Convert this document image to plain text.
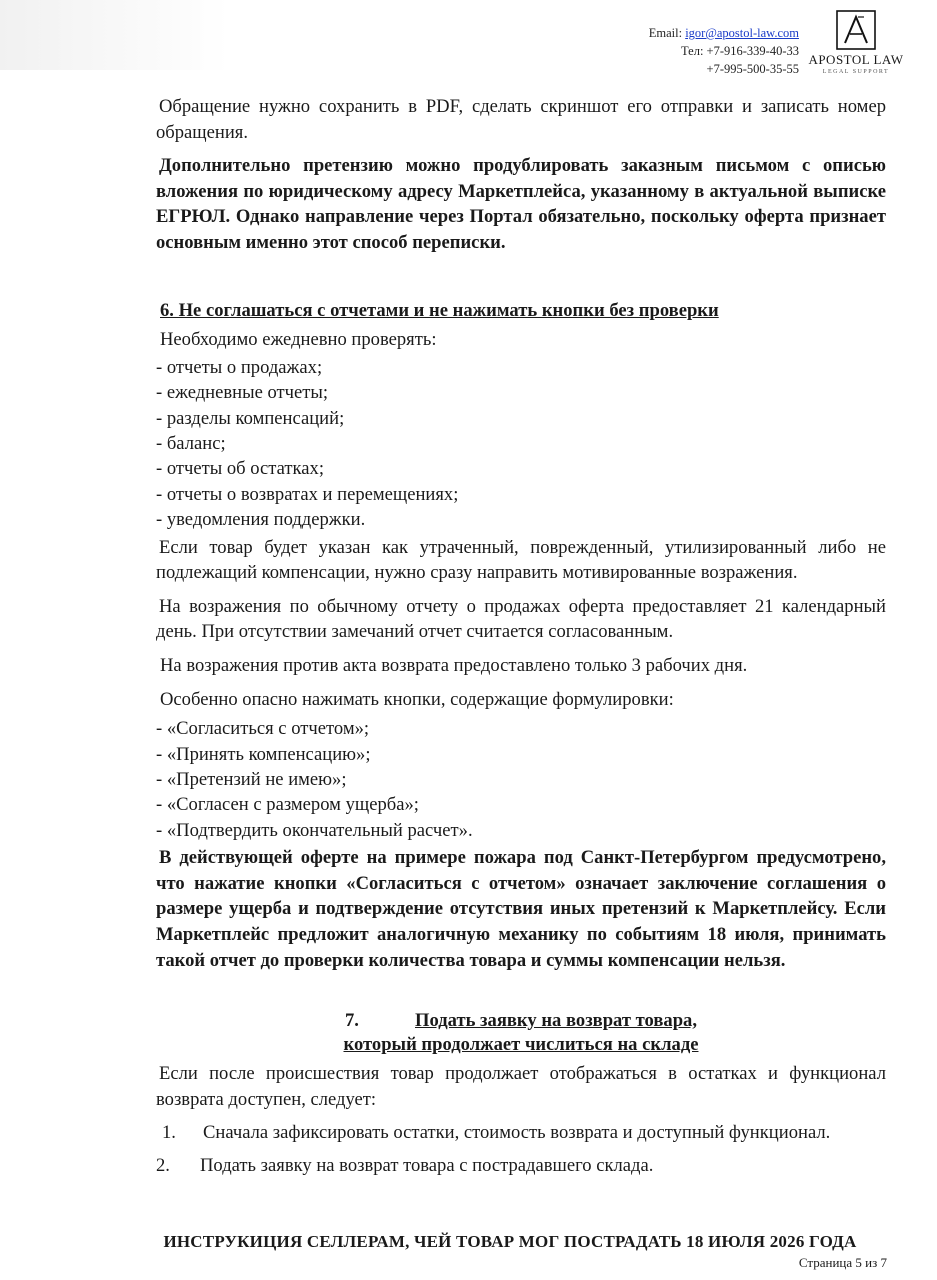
Email: igor@apostol-law.com
Тел: +7-916-339-40-33
+7-995-500-35-55
APOSTOL LAW
LEGAL SUPPORT

Обращение нужно сохранить в PDF, сделать скриншот его отправки и записать номер обращения.

Дополнительно претензию можно продублировать заказным письмом с описью вложения по юридическому адресу Маркетплейса, указанному в актуальной выписке ЕГРЮЛ. Однако направление через Портал обязательно, поскольку оферта признает основным именно этот способ переписки.

6. Не соглашаться с отчетами и не нажимать кнопки без проверки

Необходимо ежедневно проверять:

- отчеты о продажах;
- ежедневные отчеты;
- разделы компенсаций;
- баланс;
- отчеты об остатках;
- отчеты о возвратах и перемещениях;
- уведомления поддержки.

Если товар будет указан как утраченный, поврежденный, утилизированный либо не подлежащий компенсации, нужно сразу направить мотивированные возражения.

На возражения по обычному отчету о продажах оферта предоставляет 21 календарный день. При отсутствии замечаний отчет считается согласованным.

На возражения против акта возврата предоставлено только 3 рабочих дня.

Особенно опасно нажимать кнопки, содержащие формулировки:

- «Согласиться с отчетом»;
- «Принять компенсацию»;
- «Претензий не имею»;
- «Согласен с размером ущерба»;
- «Подтвердить окончательный расчет».

В действующей оферте на примере пожара под Санкт-Петербургом предусмотрено, что нажатие кнопки «Согласиться с отчетом» означает заключение соглашения о размере ущерба и подтверждение отсутствия иных претензий к Маркетплейсу. Если Маркетплейс предложит аналогичную механику по событиям 18 июля, принимать такой отчет до проверки количества товара и суммы компенсации нельзя.

7.	Подать заявку на возврат товара,
который продолжает числиться на складе

Если после происшествия товар продолжает отображаться в остатках и функционал возврата доступен, следует:

1. Сначала зафиксировать остатки, стоимость возврата и доступный функционал.

2. Подать заявку на возврат товара с пострадавшего склада.

ИНСТРУКИЦИЯ СЕЛЛЕРАМ, ЧЕЙ ТОВАР МОГ ПОСТРАДАТЬ 18 ИЮЛЯ 2026 ГОДА
Страница 5 из 7
